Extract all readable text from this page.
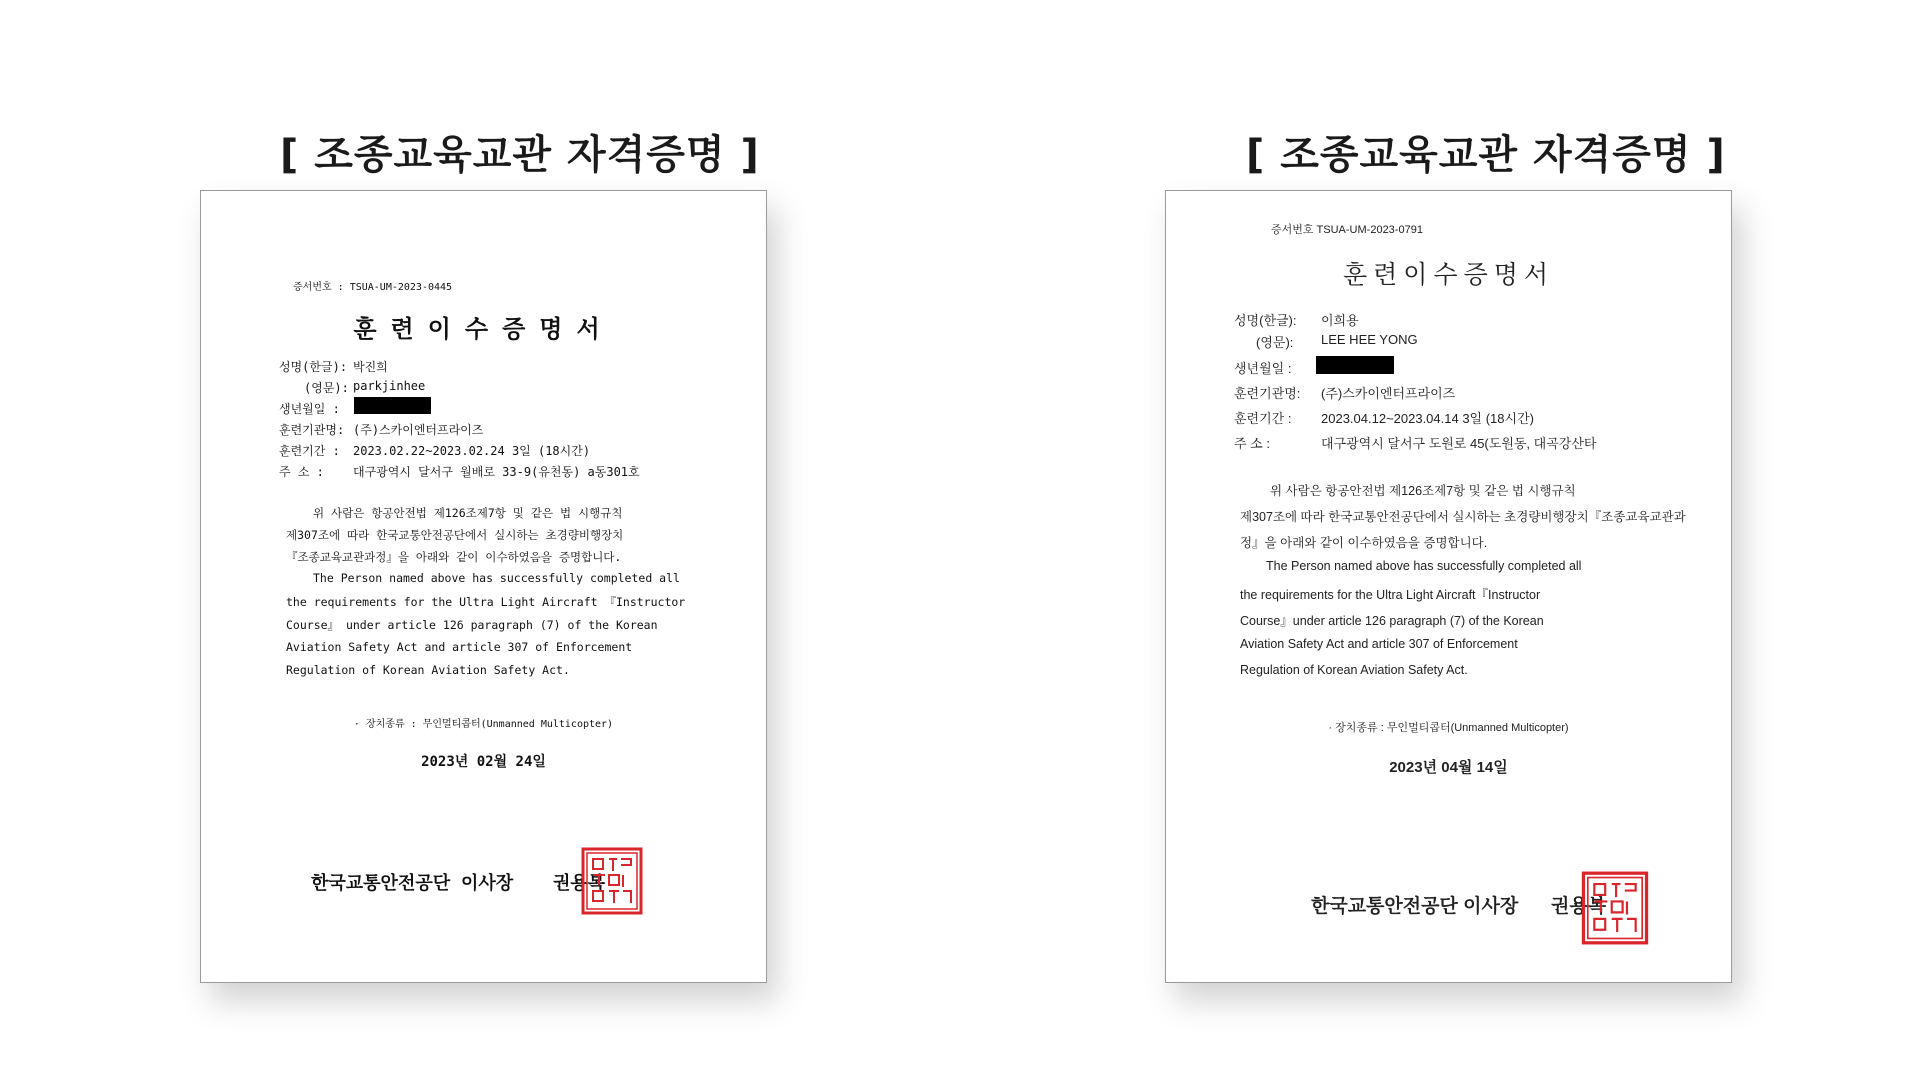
[ 조종교육교관 자격증명 ]
증서번호 : TSUA-UM-2023-0445
훈련이수증명서
성명(한글): 박진희
(영문): parkjinhee
생년월일 :
훈련기관명: (주)스카이엔터프라이즈
훈련기간 : 2023.02.22~2023.02.24 3일 (18시간)
주 소 : 대구광역시 달서구 월배로 33-9(유천동) a동301호
위 사람은 항공안전법 제126조제7항 및 같은 법 시행규칙
제307조에 따라 한국교통안전공단에서 실시하는 초경량비행장치
『조종교육교관과정』을 아래와 같이 이수하였음을 증명합니다.
The Person named above has successfully completed all
the requirements for the Ultra Light Aircraft 『Instructor
Course』 under article 126 paragraph (7) of the Korean
Aviation Safety Act and article 307 of Enforcement
Regulation of Korean Aviation Safety Act.
· 장치종류 : 무인멀티콥터(Unmanned Multicopter)
2023년 02월 24일
한국교통안전공단 이사장 권용복
[ 조종교육교관 자격증명 ]
증서번호 TSUA-UM-2023-0791
훈련이수증명서
성명(한글): 이희용
(영문): LEE HEE YONG
생년월일 :
훈련기관명: (주)스카이엔터프라이즈
훈련기간 : 2023.04.12~2023.04.14 3일 (18시간)
주 소 :	대구광역시 달서구 도원로 45(도원동, 대곡강산타
위 사람은 항공안전법 제126조제7항 및 같은 법 시행규칙
제307조에 따라 한국교통안전공단에서 실시하는 초경량비행장치『조종교육교관과
정』을 아래와 같이 이수하였음을 증명합니다.
The Person named above has successfully completed all
the requirements for the Ultra Light Aircraft『Instructor
Course』under article 126 paragraph (7) of the Korean
Aviation Safety Act and article 307 of Enforcement
Regulation of Korean Aviation Safety Act.
· 장치종류 : 무인멀티콥터(Unmanned Multicopter)
2023년 04월 14일
한국교통안전공단 이사장 권용복
